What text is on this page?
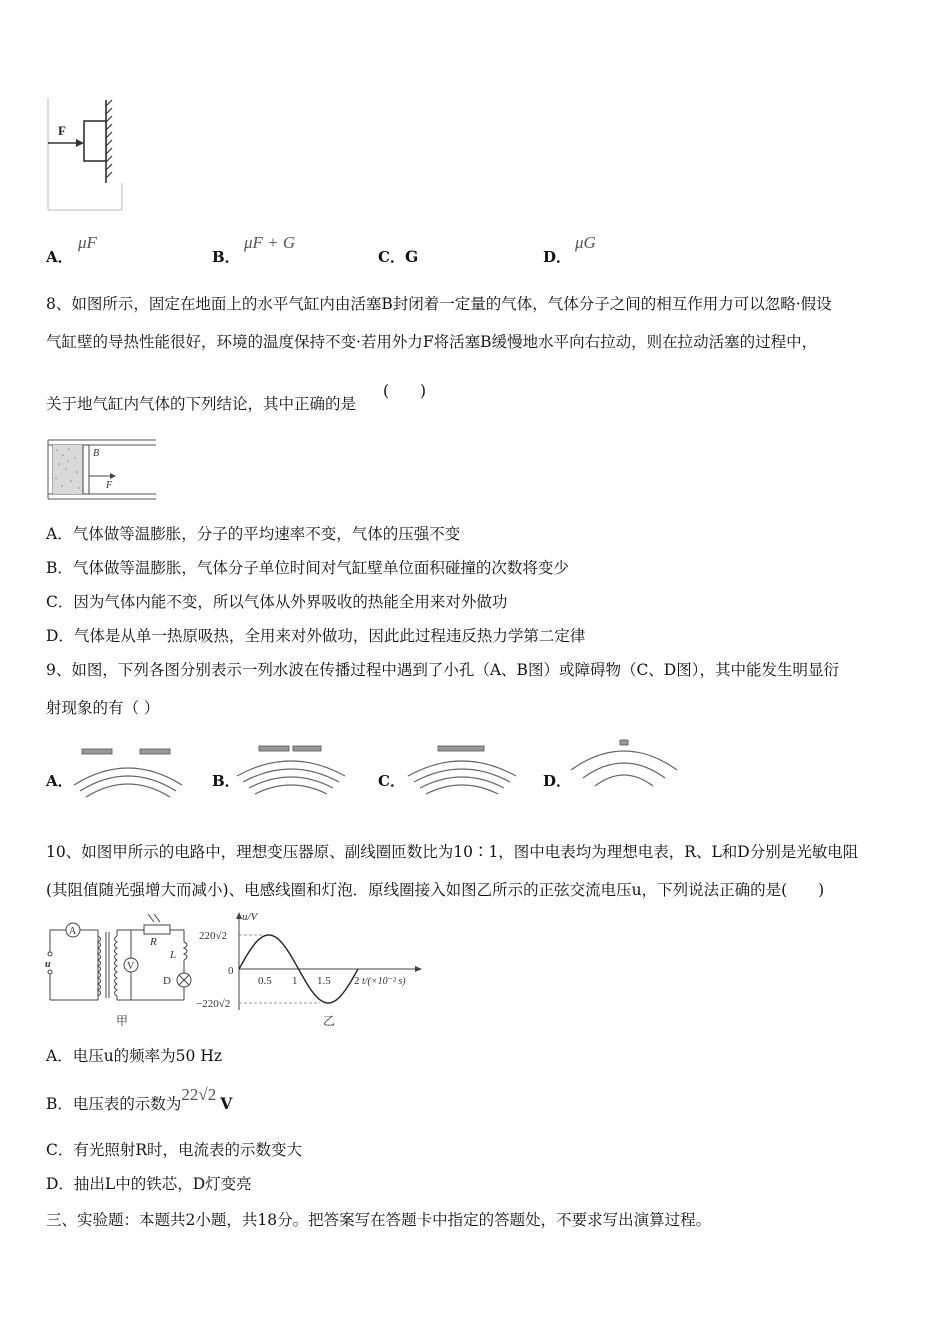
F
A．
μF
B．
μF + G
C．G	D．
μG
8、如图所示，固定在地面上的水平气缸内由活塞B封闭着一定量的气体，气体分子之间的相互作用力可以忽略·假设
气缸壁的导热性能很好，环境的温度保持不变·若用外力F将活塞B缓慢地水平向右拉动，则在拉动活塞的过程中，
关于地气缸内气体的下列结论，其中正确的是
(　　)
B
F
A．气体做等温膨胀，分子的平均速率不变，气体的压强不变
B．气体做等温膨胀，气体分子单位时间对气缸壁单位面积碰撞的次数将变少
C．因为气体内能不变，所以气体从外界吸收的热能全用来对外做功
D．气体是从单一热原吸热，全用来对外做功，因此此过程违反热力学第二定律
9、如图，下列各图分别表示一列水波在传播过程中遇到了小孔（A、B图）或障碍物（C、D图），其中能发生明显衍
射现象的有（ ）
A．	B．	C．	D．
10、如图甲所示的电路中，理想变压器原、副线圈匝数比为10∶1，图中电表均为理想电表，R、L和D分别是光敏电阻
(其阻值随光强增大而减小)、电感线圈和灯泡．原线圈接入如图乙所示的正弦交流电压u，下列说法正确的是(　　)
A
V
R
L
D
u
甲
u/V
220√2
−220√2
0
0.5 1 1.5 2 t/(×10⁻² s)
乙
A．电压u的频率为50 Hz
B．电压表的示数为22√2 V
C．有光照射R时，电流表的示数变大
D．抽出L中的铁芯，D灯变亮
三、实验题：本题共2小题，共18分。把答案写在答题卡中指定的答题处，不要求写出演算过程。
